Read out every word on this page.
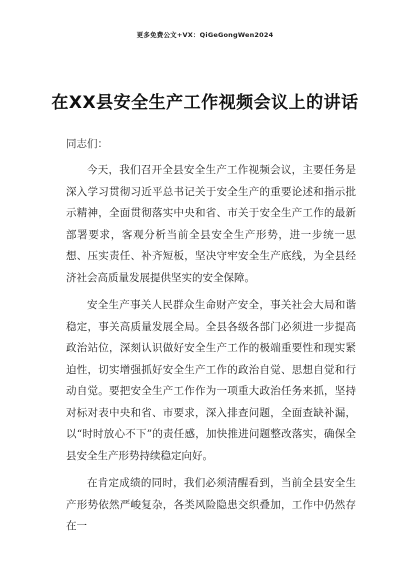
更多免费公文+VX：QiGeGongWen2024
在XX县安全生产工作视频会议上的讲话
同志们：

今天，我们召开全县安全生产工作视频会议，主要任务是深入学习贯彻习近平总书记关于安全生产的重要论述和指示批示精神，全面贯彻落实中央和省、市关于安全生产工作的最新部署要求，客观分析当前全县安全生产形势，进一步统一思想、压实责任、补齐短板，坚决守牢安全生产底线，为全县经济社会高质量发展提供坚实的安全保障。

安全生产事关人民群众生命财产安全，事关社会大局和谐稳定，事关高质量发展全局。全县各级各部门必须进一步提高政治站位，深刻认识做好安全生产工作的极端重要性和现实紧迫性，切实增强抓好安全生产工作的政治自觉、思想自觉和行动自觉。要把安全生产工作作为一项重大政治任务来抓，坚持对标对表中央和省、市要求，深入排查问题，全面查缺补漏，以“时时放心不下”的责任感，加快推进问题整改落实，确保全县安全生产形势持续稳定向好。

在肯定成绩的同时，我们必须清醒看到，当前全县安全生产形势依然严峻复杂，各类风险隐患交织叠加，工作中仍然存在一
